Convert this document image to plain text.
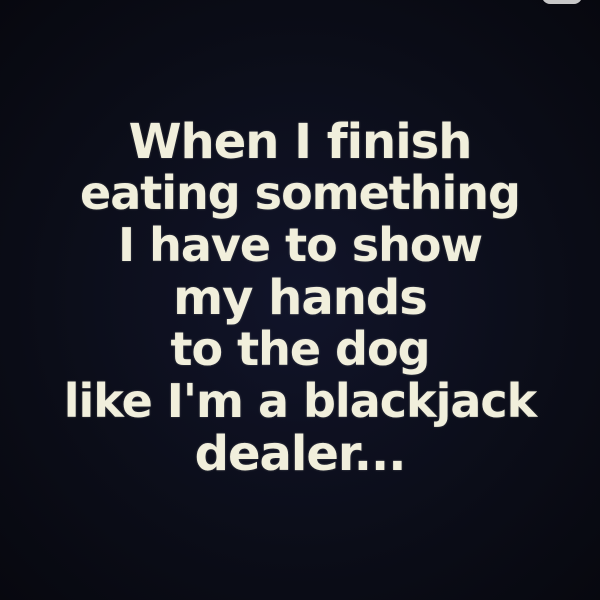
When I finish
eating something
I have to show
my hands
to the dog
like I'm a blackjack
dealer...
